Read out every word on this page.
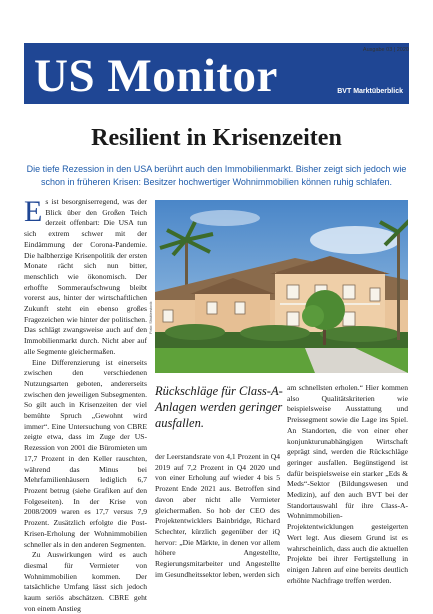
US Monitor	BVT Marktüberblick
Ausgabe 03 | 2020
Resilient in Krisenzeiten
Die tiefe Rezession in den USA berührt auch den Immobilienmarkt. Bisher zeigt sich jedoch wie schon in früheren Krisen: Besitzer hochwertiger Wohnimmobilien können ruhig schlafen.
E s ist besorgniserregend, was der Blick über den Großen Teich derzeit offenbart: Die USA tun sich extrem schwer mit der Eindämmung der Corona-Pandemie. Die halbherzige Krisenpolitik der ersten Monate rächt sich nun bitter, menschlich wie ökonomisch. Der erhoffte Sommeraufschwung bleibt vorerst aus, hinter der wirtschaftlichen Zukunft steht ein ebenso großes Fragezeichen wie hinter der politischen. Das schlägt zwangsweise auch auf den Immobilienmarkt durch. Nicht aber auf alle Segmente gleichermaßen.

Eine Differenzierung ist einerseits zwischen den verschiedenen Nutzungsarten geboten, andererseits zwischen den jeweiligen Subsegmenten. So gilt auch in Krisenzeiten der viel bemühte Spruch „Gewohnt wird immer“. Eine Untersuchung von CBRE zeigte etwa, dass im Zuge der US-Rezession von 2001 die Büromieten um 17,7 Prozent in den Keller rauschten, während das Minus bei Mehrfamilienhäusern lediglich 6,7 Prozent betrug (siehe Grafiken auf den Folgeseiten). In der Krise von 2008/2009 waren es 17,7 versus 7,9 Prozent. Zusätzlich erfolgte die Post-Krisen-Erholung der Wohnimmobilien schneller als in den anderen Segmenten.

Zu Auswirkungen wird es auch diesmal für Vermieter von Wohnimmobilien kommen. Der tatsächliche Umfang lässt sich jedoch kaum seriös abschätzen. CBRE geht von einem Anstieg

Foto: Shutterstock
Rückschläge für Class-A-Anlagen werden geringer ausfallen.

der Leerstandsrate von 4,1 Prozent in Q4 2019 auf 7,2 Prozent in Q4 2020 und von einer Erholung auf wieder 4 bis 5 Prozent Ende 2021 aus. Betroffen sind davon aber nicht alle Vermieter gleichermaßen. So hob der CEO des Projektentwicklers Bainbridge, Richard Schechter, kürzlich gegenüber der iQ hervor: „Die Märkte, in denen vor allem höhere Angestellte, Regierungsmitarbeiter und Angestellte im Gesundheitssektor leben, werden sich

am schnellsten erholen.“ Hier kommen also Qualitätskriterien wie beispielsweise Ausstattung und Preissegment sowie die Lage ins Spiel. An Standorten, die von einer eher konjunkturunabhängigen Wirtschaft geprägt sind, werden die Rückschläge geringer ausfallen. Begünstigend ist dafür beispielsweise ein starker „Eds & Meds“-Sektor (Bildungswesen und Medizin), auf den auch BVT bei der Standortauswahl für ihre Class-A-Wohnimmobilien-Projektentwicklungen gesteigerten Wert legt. Aus diesem Grund ist es wahrscheinlich, dass auch die aktuellen Projekte bei ihrer Fertigstellung in einigen Jahren auf eine bereits deutlich erhöhte Nachfrage treffen werden.
